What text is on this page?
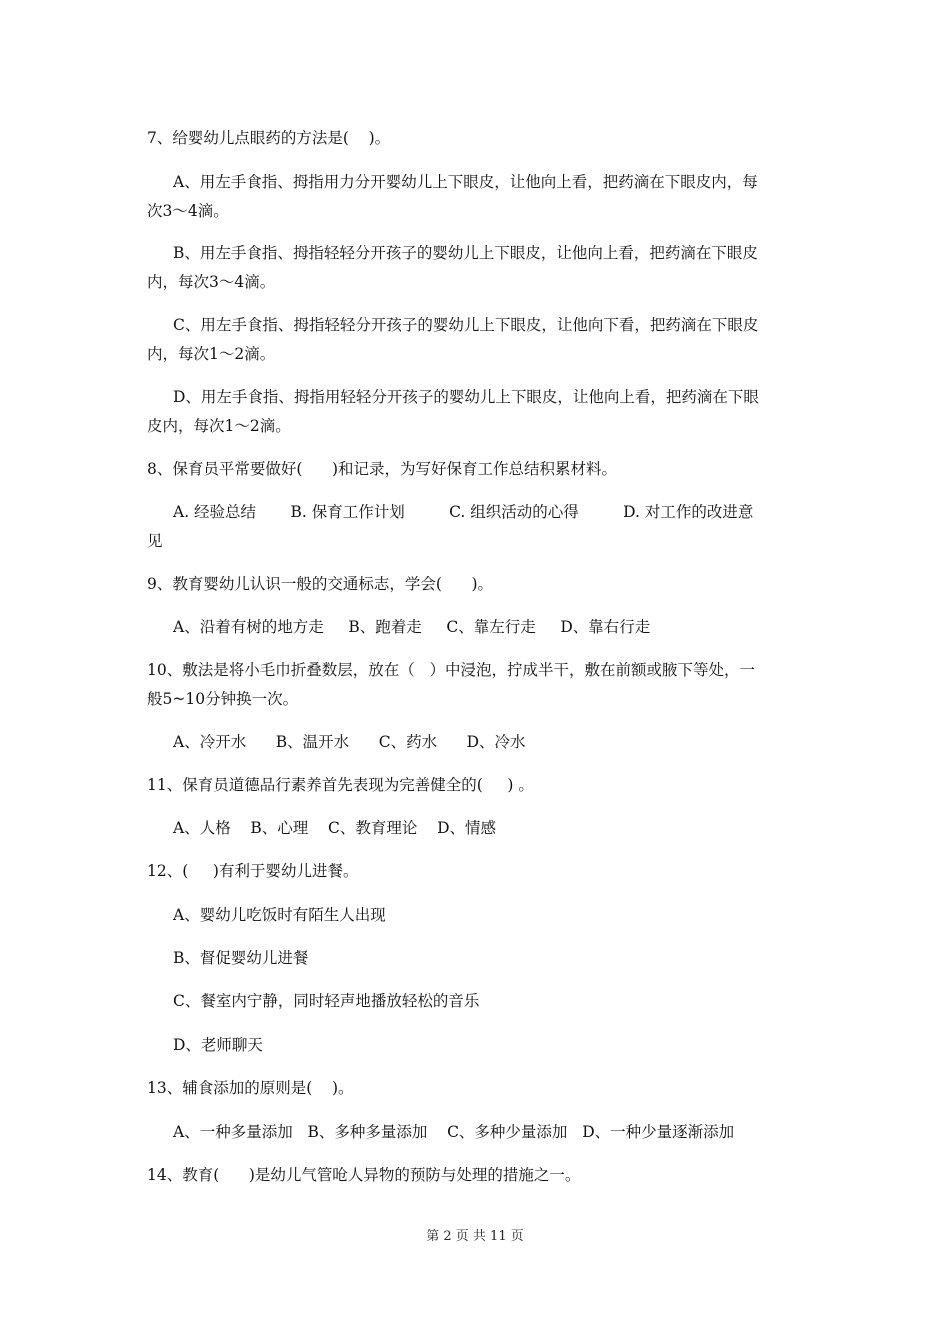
7、给婴幼儿点眼药的方法是(    )。
A、用左手食指、拇指用力分开婴幼儿上下眼皮，让他向上看，把药滴在下眼皮内，每
次3～4滴。
B、用左手食指、拇指轻轻分开孩子的婴幼儿上下眼皮，让他向上看，把药滴在下眼皮
内，每次3～4滴。
C、用左手食指、拇指轻轻分开孩子的婴幼儿上下眼皮，让他向下看，把药滴在下眼皮
内，每次1～2滴。
D、用左手食指、拇指用轻轻分开孩子的婴幼儿上下眼皮，让他向上看，把药滴在下眼
皮内，每次1～2滴。
8、保育员平常要做好(      )和记录，为写好保育工作总结积累材料。
A. 经验总结       B. 保育工作计划         C. 组织活动的心得         D. 对工作的改进意
见
9、教育婴幼儿认识一般的交通标志，学会(      )。
A、沿着有树的地方走     B、跑着走     C、靠左行走     D、靠右行走
10、敷法是将小毛巾折叠数层，放在（   ）中浸泡，拧成半干，敷在前额或腋下等处，一
般5~10分钟换一次。
A、冷开水      B、温开水      C、药水      D、冷水
11、保育员道德品行素养首先表现为完善健全的(     ) 。
A、人格    B、心理    C、教育理论    D、情感
12、(     )有利于婴幼儿进餐。
A、婴幼儿吃饭时有陌生人出现
B、督促婴幼儿进餐
C、餐室内宁静，同时轻声地播放轻松的音乐
D、老师聊天
13、辅食添加的原则是(    )。
A、一种多量添加   B、多种多量添加    C、多种少量添加   D、一种少量逐渐添加
14、教育(      )是幼儿气管呛人异物的预防与处理的措施之一。
第 2 页 共 11 页
